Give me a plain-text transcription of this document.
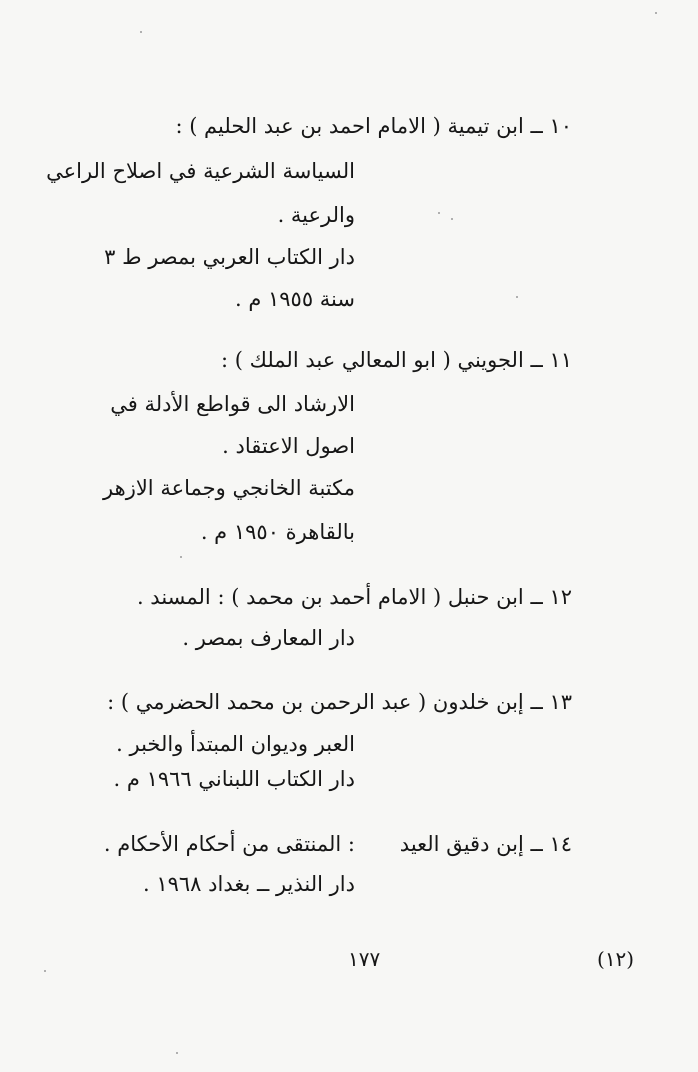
١٠ ــ ابن تيمية ( الامام احمد بن عبد الحليم ) :
السياسة الشرعية في اصلاح الراعي
والرعية .
دار الكتاب العربي بمصر ط ٣
سنة ١٩٥٥ م .
١١ ــ الجويني ( ابو المعالي عبد الملك ) :
الارشاد الى قواطع الأدلة في
اصول الاعتقاد .
مكتبة الخانجي وجماعة الازهر
بالقاهرة ١٩٥٠ م .
١٢ ــ ابن حنبل ( الامام أحمد بن محمد ) : المسند .
دار المعارف بمصر .
١٣ ــ إبن خلدون ( عبد الرحمن بن محمد الحضرمي ) :
العبر وديوان المبتدأ والخبر .
دار الكتاب اللبناني ١٩٦٦ م .
١٤ ــ إبن دقيق العيد
: المنتقى من أحكام الأحكام .
دار النذير ــ بغداد ١٩٦٨ .
١٧٧	(١٢)
